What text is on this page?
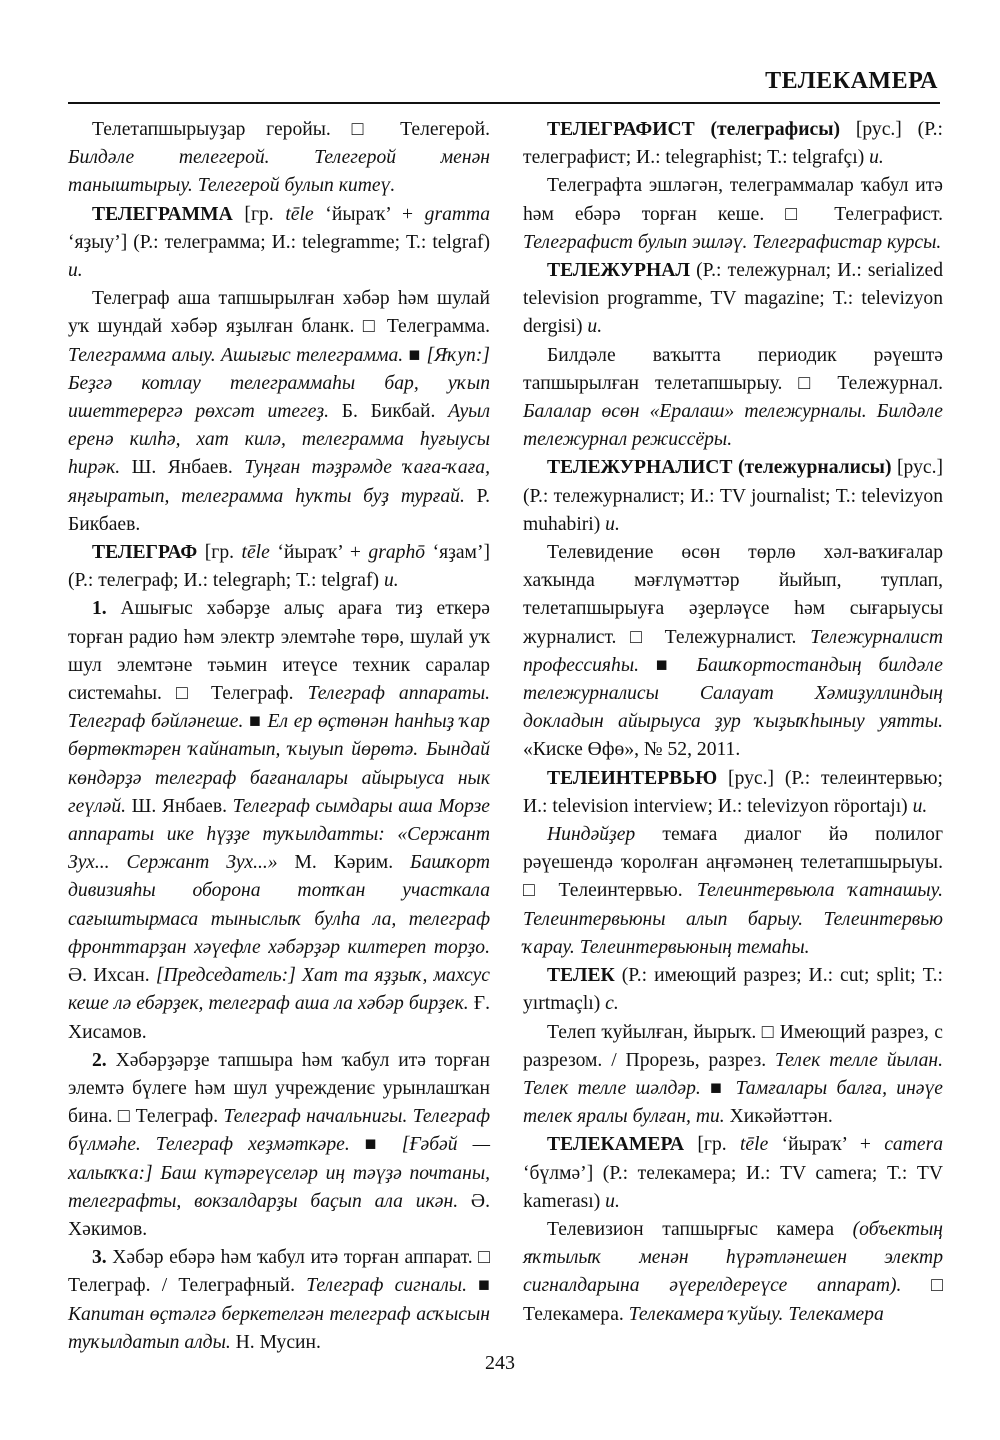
ТЕЛЕКАМЕРА

Телетапшырыуҙар геройы. □ Телегерой. Билдәле телегерой. Телегерой менән таныштырыу. Телегерой булып китеү.

ТЕЛЕГРАММА [гр. tēle ‘йыраҡ’ + gramma ‘яҙыу’] (Р.: телеграмма; И.: telegramme; Т.: telgraf) и.

Телеграф аша тапшырылған хәбәр һәм шулай уҡ шундай хәбәр яҙылған бланк. □ Телеграмма. Телеграмма алыу. Ашығыс телеграмма. ■ [Яҡуп:] Беҙгә котлау телеграммаһы бар, уҡып ишеттерергә рөхсәт итегеҙ. Б. Бикбай. Ауыл еренә килһә, хат килә, телеграмма һуғыусы һирәк. Ш. Янбаев. Туңған тәҙрәмде ҡаға-ҡаға, яңғыратып, телеграмма һуҡты буҙ турғай. Р. Бикбаев.

ТЕЛЕГРАФ [гр. tēle ‘йыраҡ’ + graphō ‘яҙам’] (Р.: телеграф; И.: telegraph; Т.: telgraf) и.

1. Ашығыс хәбәрҙе алыҫ араға тиҙ еткерә торған радио һәм электр элемтәһе төрө, шулай уҡ шул элемтәне тәьмин итеүсе техник саралар системаһы. □ Телеграф. Телеграф аппараты. Телеграф бәйләнеше. ■ Ел ер өҫтөнән һанһыҙ ҡар бөртөктәрен ҡайнатып, ҡыуып йөрөтә. Бындай көндәрҙә телеграф бағаналары айырыуса нык геүләй. Ш. Янбаев. Телеграф сымдары аша Морзе аппараты ике һүҙҙе туҡылдатты: «Сержант Зух... Сержант Зух...» М. Кәрим. Башҡорт дивизияһы оборона тотҡан участкала сағыштырмаса тыныслыҡ булһа ла, телеграф фронттарҙан хәүефле хәбәрҙәр килтереп торҙо. Ә. Ихсан. [Председатель:] Хат та яҙҙыҡ, махсус кеше лә ебәрҙек, телеграф аша ла хәбәр бирҙек. Ғ. Хисамов.

2. Хәбәрҙәрҙе тапшыра һәм ҡабул итә торған элемтә бүлеге һәм шул учреждениє урынлашҡан бина. □ Телеграф. Телеграф начальнигы. Телеграф бүлмәһе. Телеграф хеҙмәткәре. ■ [Ғәбәй — халыҡҡа:] Баш күтәреүселәр иң тәүҙә почтаны, телеграфты, вокзалдарҙы баҫып ала икән. Ә. Хәкимов.

3. Хәбәр ебәрә һәм ҡабул итә торған аппарат. □ Телеграф. / Телеграфный. Телеграф сигналы. ■ Капитан өҫтәлгә беркетелгән телеграф асҡысын туҡылдатып алды. Н. Мусин.

ТЕЛЕГРАФИСТ (телеграфисы) [рус.] (Р.: телеграфист; И.: telegraphist; Т.: telgrafçı) и.

Телеграфта эшләгән, телеграммалар ҡабул итә һәм ебәрә торған кеше. □ Телеграфист. Телеграфист булып эшләү. Телеграфистар курсы.

ТЕЛЕЖУРНАЛ (Р.: тележурнал; И.: serialized television programme, TV magazine; Т.: televizyon dergisi) и.

Билдәле ваҡытта периодик рәүештә тапшырылған телетапшырыу. □ Тележурнал. Балалар өсөн «Ералаш» тележурналы. Билдәле тележурнал режиссёры.

ТЕЛЕЖУРНАЛИСТ (тележурналисы) [рус.] (Р.: тележурналист; И.: TV journalist; Т.: televizyon muhabiri) и.

Телевидение өсөн төрлө хәл-ваҡиғалар хаҡында мәғлүмәттәр йыйып, туплап, телетапшырыуға әҙерләүсе һәм сығарыусы журналист. □ Тележурналист. Тележурналист профессияһы. ■ Башҡортостандың билдәле тележурналисы Салауат Хәмиҙуллиндың докладын айырыуса ҙур ҡыҙыҡһыныу уятты. «Киске Өфө», № 52, 2011.

ТЕЛЕИНТЕРВЬЮ [рус.] (Р.: телеинтервью; И.: television interview; И.: televizyon röportajı) и.

Ниндәйҙер темаға диалог йә полилог рәүешендә ҡоролған аңғәмәнең телетапшырыуы. □ Телеинтервью. Телеинтервьюла ҡатнашыу. Телеинтервьюны алып барыу. Телеинтервью ҡарау. Телеинтервьюның темаһы.

ТЕЛЕК (Р.: имеющий разрез; И.: cut; split; Т.: yırtmaçlı) с.

Телеп ҡуйылған, йырыҡ. □ Имеющий разрез, с разрезом. / Прорезь, разрез. Телек телле йылан. Телек телле шәлдәр. ■ Тамғалары балға, инәүе телек яралы булған, ти. Хикәйәттән.

ТЕЛЕКАМЕРА [гр. tēle ‘йыраҡ’ + camera ‘бүлмә’] (Р.: телекамера; И.: TV camera; Т.: TV kamerası) и.

Телевизион тапшырғыс камера (объектың яҡтылыҡ менән һүрәтләнешен электр сигналдарына әүерелдереүсе аппарат). □ Телекамера. Телекамера ҡуйыу. Телекамера

243
